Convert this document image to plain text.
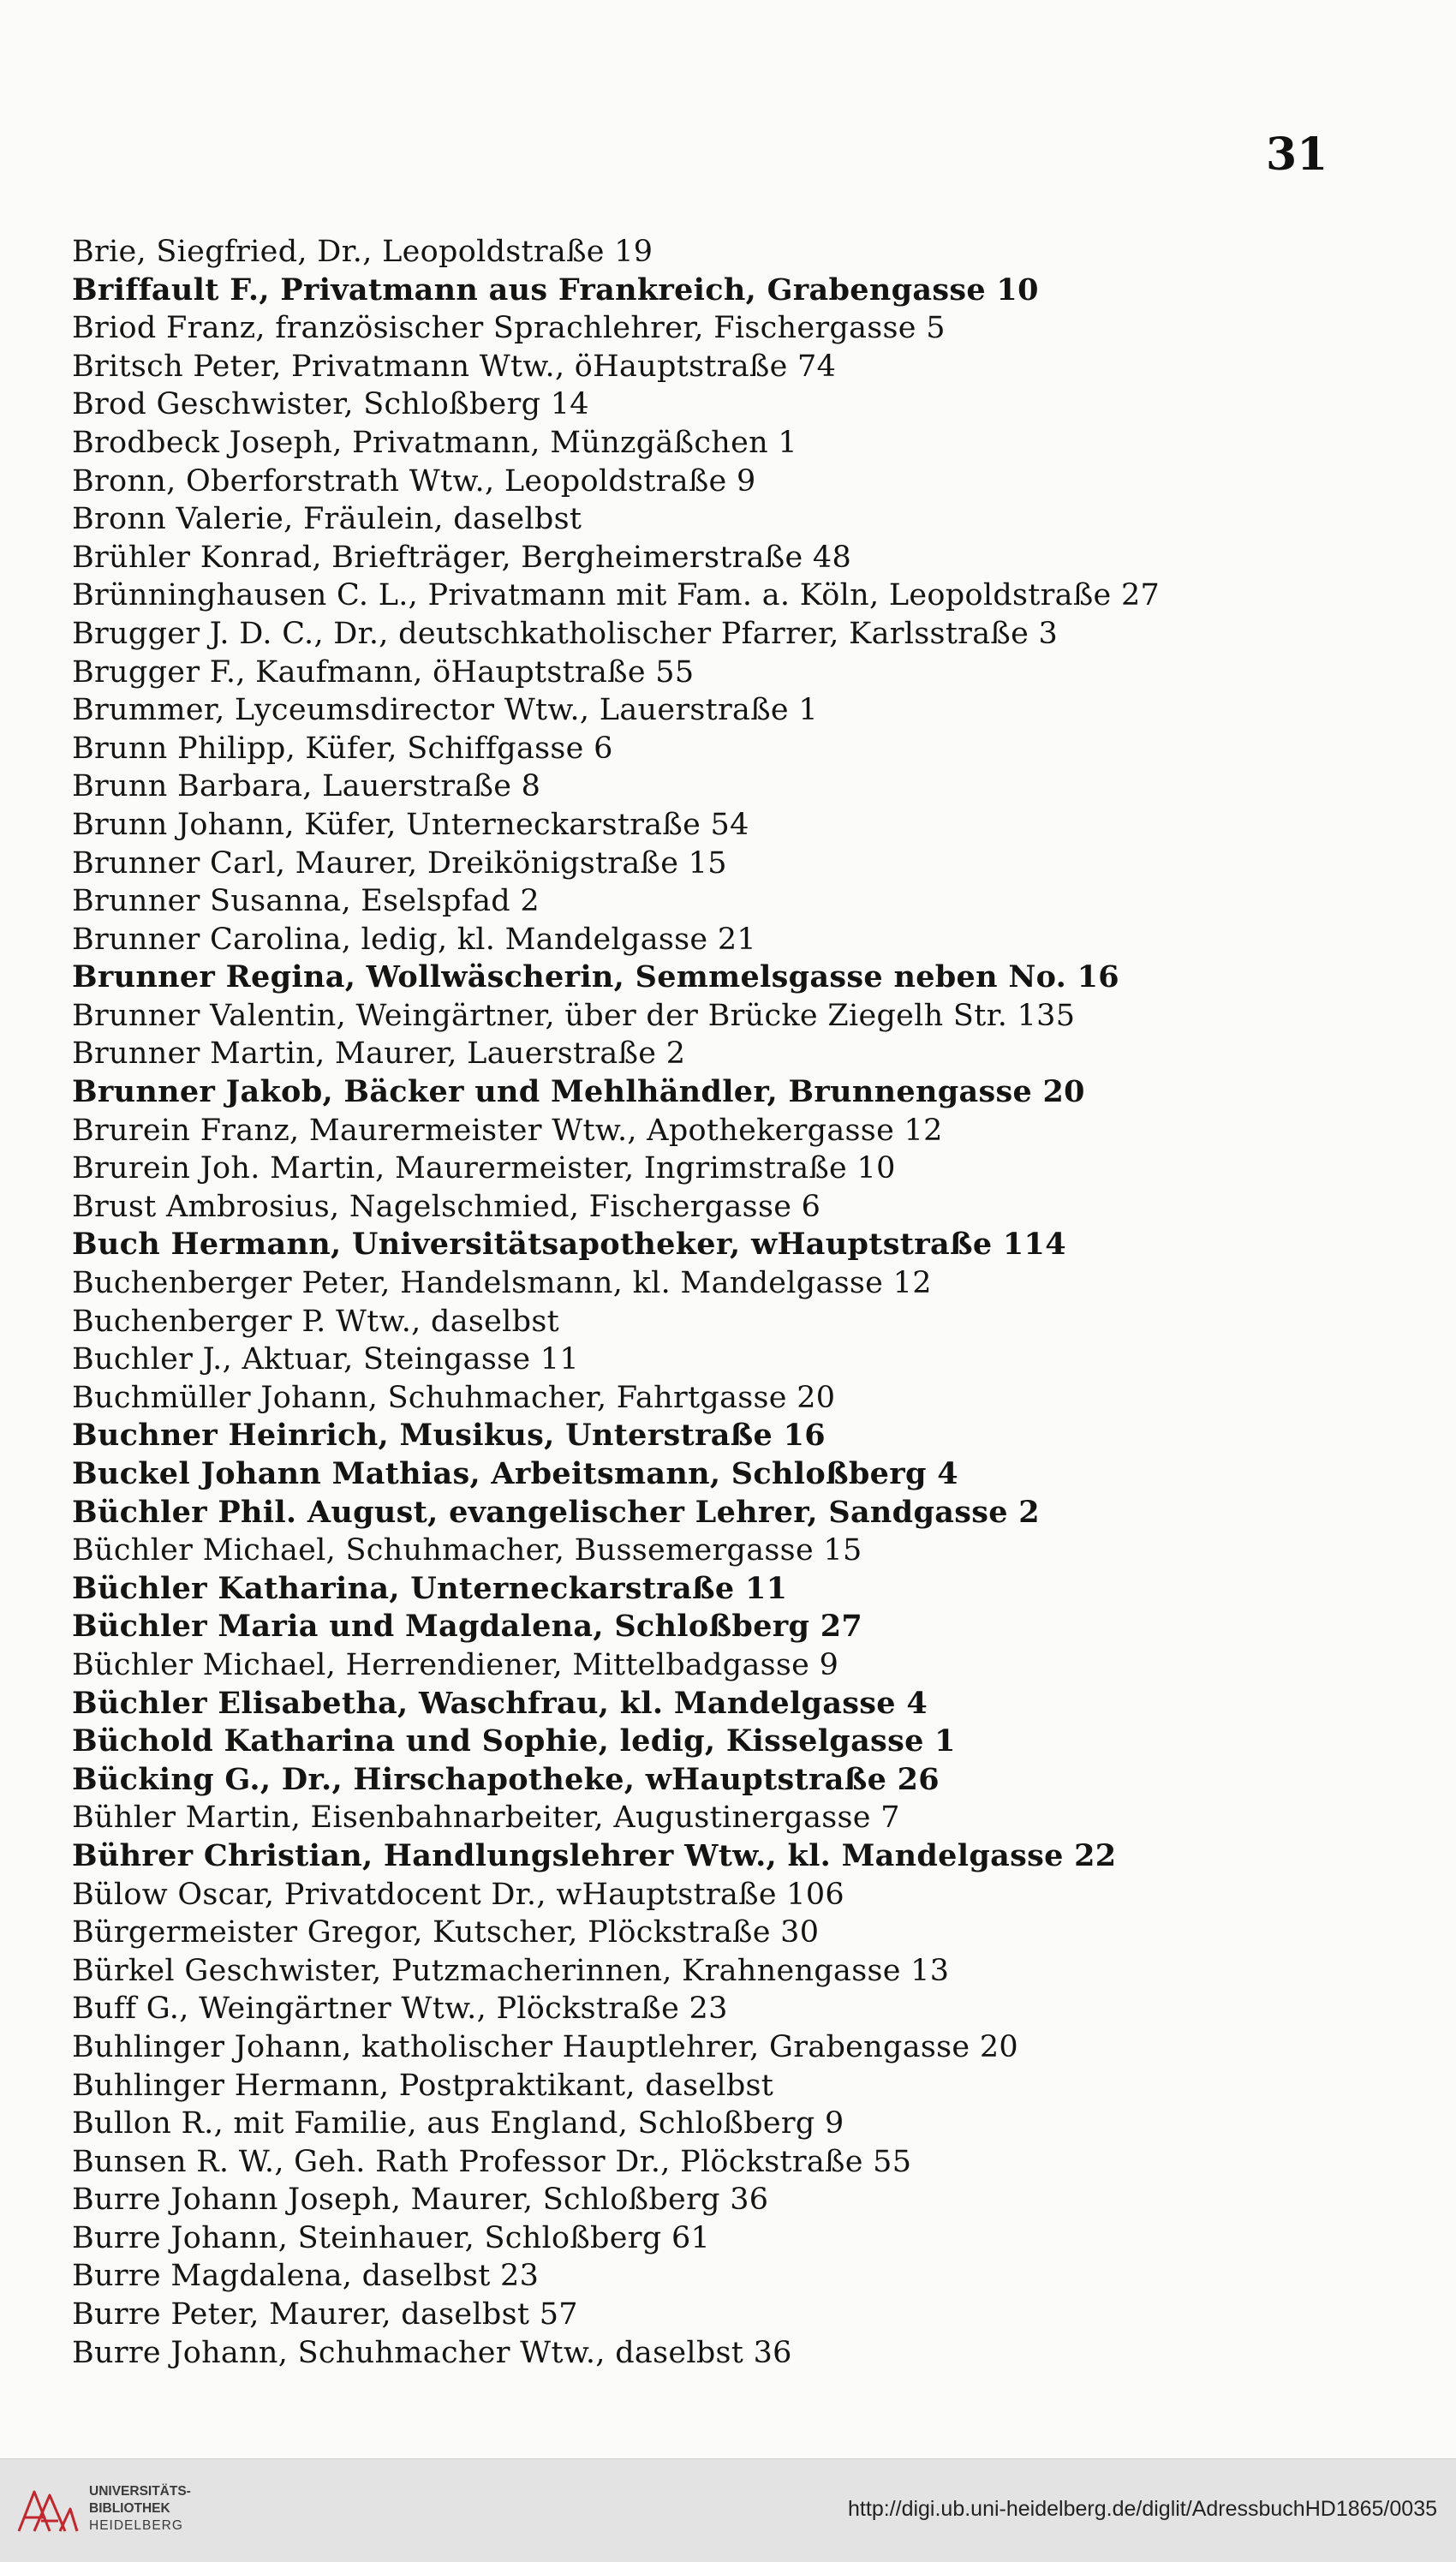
31
Brie, Siegfried, Dr., Leopoldstraße 19
Briffault F., Privatmann aus Frankreich, Grabengasse 10
Briod Franz, französischer Sprachlehrer, Fischergasse 5
Britsch Peter, Privatmann Wtw., öHauptstraße 74
Brod Geschwister, Schloßberg 14
Brodbeck Joseph, Privatmann, Münzgäßchen 1
Bronn, Oberforstrath Wtw., Leopoldstraße 9
Bronn Valerie, Fräulein, daselbst
Brühler Konrad, Briefträger, Bergheimerstraße 48
Brünninghausen C. L., Privatmann mit Fam. a. Köln, Leopoldstraße 27
Brugger J. D. C., Dr., deutschkatholischer Pfarrer, Karlsstraße 3
Brugger F., Kaufmann, öHauptstraße 55
Brummer, Lyceumsdirector Wtw., Lauerstraße 1
Brunn Philipp, Küfer, Schiffgasse 6
Brunn Barbara, Lauerstraße 8
Brunn Johann, Küfer, Unterneckarstraße 54
Brunner Carl, Maurer, Dreikönigstraße 15
Brunner Susanna, Eselspfad 2
Brunner Carolina, ledig, kl. Mandelgasse 21
Brunner Regina, Wollwäscherin, Semmelsgasse neben No. 16
Brunner Valentin, Weingärtner, über der Brücke Ziegelh Str. 135
Brunner Martin, Maurer, Lauerstraße 2
Brunner Jakob, Bäcker und Mehlhändler, Brunnengasse 20
Brurein Franz, Maurermeister Wtw., Apothekergasse 12
Brurein Joh. Martin, Maurermeister, Ingrimstraße 10
Brust Ambrosius, Nagelschmied, Fischergasse 6
Buch Hermann, Universitätsapotheker, wHauptstraße 114
Buchenberger Peter, Handelsmann, kl. Mandelgasse 12
Buchenberger P. Wtw., daselbst
Buchler J., Aktuar, Steingasse 11
Buchmüller Johann, Schuhmacher, Fahrtgasse 20
Buchner Heinrich, Musikus, Unterstraße 16
Buckel Johann Mathias, Arbeitsmann, Schloßberg 4
Büchler Phil. August, evangelischer Lehrer, Sandgasse 2
Büchler Michael, Schuhmacher, Bussemergasse 15
Büchler Katharina, Unterneckarstraße 11
Büchler Maria und Magdalena, Schloßberg 27
Büchler Michael, Herrendiener, Mittelbadgasse 9
Büchler Elisabetha, Waschfrau, kl. Mandelgasse 4
Büchold Katharina und Sophie, ledig, Kisselgasse 1
Bücking G., Dr., Hirschapotheke, wHauptstraße 26
Bühler Martin, Eisenbahnarbeiter, Augustinergasse 7
Bührer Christian, Handlungslehrer Wtw., kl. Mandelgasse 22
Bülow Oscar, Privatdocent Dr., wHauptstraße 106
Bürgermeister Gregor, Kutscher, Plöckstraße 30
Bürkel Geschwister, Putzmacherinnen, Krahnengasse 13
Buff G., Weingärtner Wtw., Plöckstraße 23
Buhlinger Johann, katholischer Hauptlehrer, Grabengasse 20
Buhlinger Hermann, Postpraktikant, daselbst
Bullon R., mit Familie, aus England, Schloßberg 9
Bunsen R. W., Geh. Rath Professor Dr., Plöckstraße 55
Burre Johann Joseph, Maurer, Schloßberg 36
Burre Johann, Steinhauer, Schloßberg 61
Burre Magdalena, daselbst 23
Burre Peter, Maurer, daselbst 57
Burre Johann, Schuhmacher Wtw., daselbst 36
UNIVERSITÄTS-
BIBLIOTHEK
HEIDELBERG
http://digi.ub.uni-heidelberg.de/diglit/AdressbuchHD1865/0035
